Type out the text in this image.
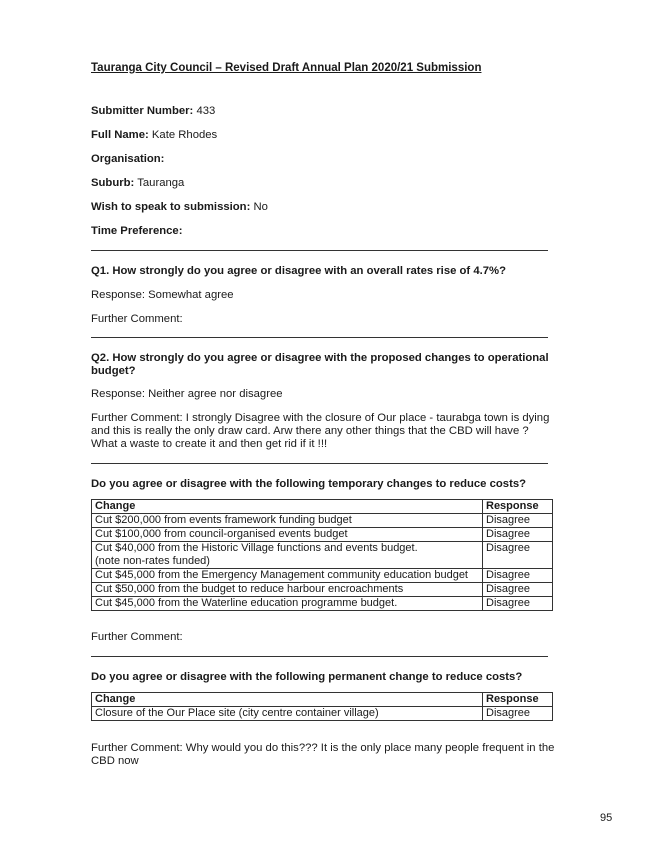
Tauranga City Council – Revised Draft Annual Plan 2020/21 Submission
Submitter Number: 433
Full Name: Kate Rhodes
Organisation:
Suburb: Tauranga
Wish to speak to submission: No
Time Preference:
Q1. How strongly do you agree or disagree with an overall rates rise of 4.7%?
Response: Somewhat agree
Further Comment:
Q2. How strongly do you agree or disagree with the proposed changes to operational budget?
Response: Neither agree nor disagree
Further Comment: I strongly Disagree with the closure of Our place - taurabga town is dying and this is really the only draw card. Arw there any other things that the CBD will have ? What a waste to create it and then get rid if it !!!
Do you agree or disagree with the following temporary changes to reduce costs?
Change	Response
Cut $200,000 from events framework funding budget	Disagree
Cut $100,000 from council-organised events budget	Disagree

Cut $40,000 from the Historic Village functions and events budget.
(note non-rates funded)	Disagree
Cut $45,000 from the Emergency Management community education budget	Disagree
Cut $50,000 from the budget to reduce harbour encroachments	Disagree
Cut $45,000 from the Waterline education programme budget.	Disagree
Further Comment:
Do you agree or disagree with the following permanent change to reduce costs?
Change	Response
Closure of the Our Place site (city centre container village)	Disagree
Further Comment: Why would you do this??? It is the only place many people frequent in the CBD now
95
